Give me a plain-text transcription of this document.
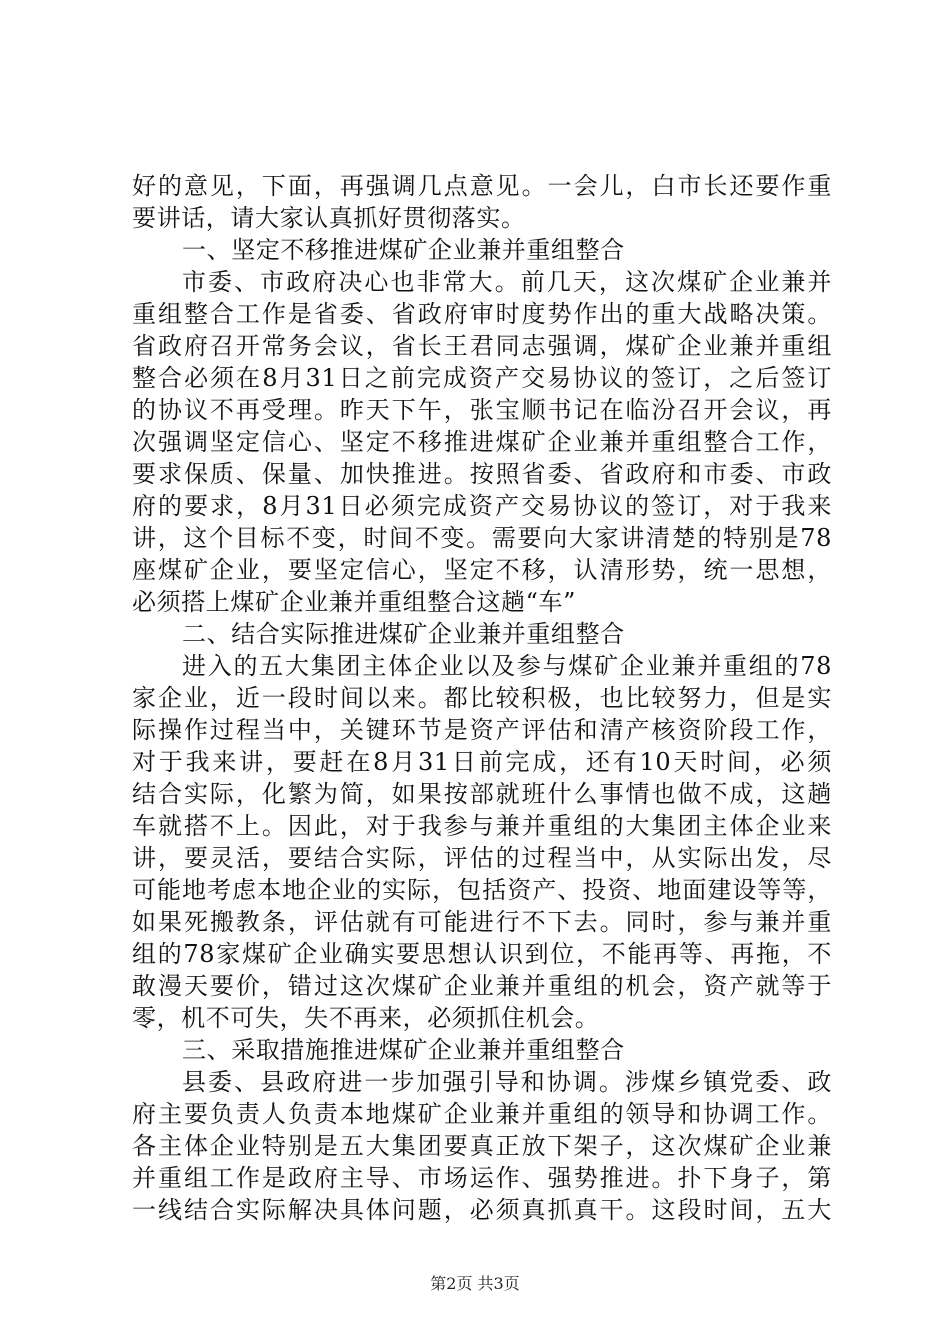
好的意见，下面，再强调几点意见。一会儿，白市长还要作重
要讲话，请大家认真抓好贯彻落实。
一、坚定不移推进煤矿企业兼并重组整合
市委、市政府决心也非常大。前几天，这次煤矿企业兼并
重组整合工作是省委、省政府审时度势作出的重大战略决策。
省政府召开常务会议，省长王君同志强调，煤矿企业兼并重组
整合必须在8月31日之前完成资产交易协议的签订，之后签订
的协议不再受理。昨天下午，张宝顺书记在临汾召开会议，再
次强调坚定信心、坚定不移推进煤矿企业兼并重组整合工作，
要求保质、保量、加快推进。按照省委、省政府和市委、市政
府的要求，8月31日必须完成资产交易协议的签订，对于我来
讲，这个目标不变，时间不变。需要向大家讲清楚的特别是78
座煤矿企业，要坚定信心，坚定不移，认清形势，统一思想，
必须搭上煤矿企业兼并重组整合这趟“车”
二、结合实际推进煤矿企业兼并重组整合
进入的五大集团主体企业以及参与煤矿企业兼并重组的78
家企业，近一段时间以来。都比较积极，也比较努力，但是实
际操作过程当中，关键环节是资产评估和清产核资阶段工作，
对于我来讲，要赶在8月31日前完成，还有10天时间，必须
结合实际，化繁为简，如果按部就班什么事情也做不成，这趟
车就搭不上。因此，对于我参与兼并重组的大集团主体企业来
讲，要灵活，要结合实际，评估的过程当中，从实际出发，尽
可能地考虑本地企业的实际，包括资产、投资、地面建设等等，
如果死搬教条，评估就有可能进行不下去。同时，参与兼并重
组的78家煤矿企业确实要思想认识到位，不能再等、再拖，不
敢漫天要价，错过这次煤矿企业兼并重组的机会，资产就等于
零，机不可失，失不再来，必须抓住机会。
三、采取措施推进煤矿企业兼并重组整合
县委、县政府进一步加强引导和协调。涉煤乡镇党委、政
府主要负责人负责本地煤矿企业兼并重组的领导和协调工作。
各主体企业特别是五大集团要真正放下架子，这次煤矿企业兼
并重组工作是政府主导、市场运作、强势推进。扑下身子，第
一线结合实际解决具体问题，必须真抓真干。这段时间，五大
第2页 共3页
